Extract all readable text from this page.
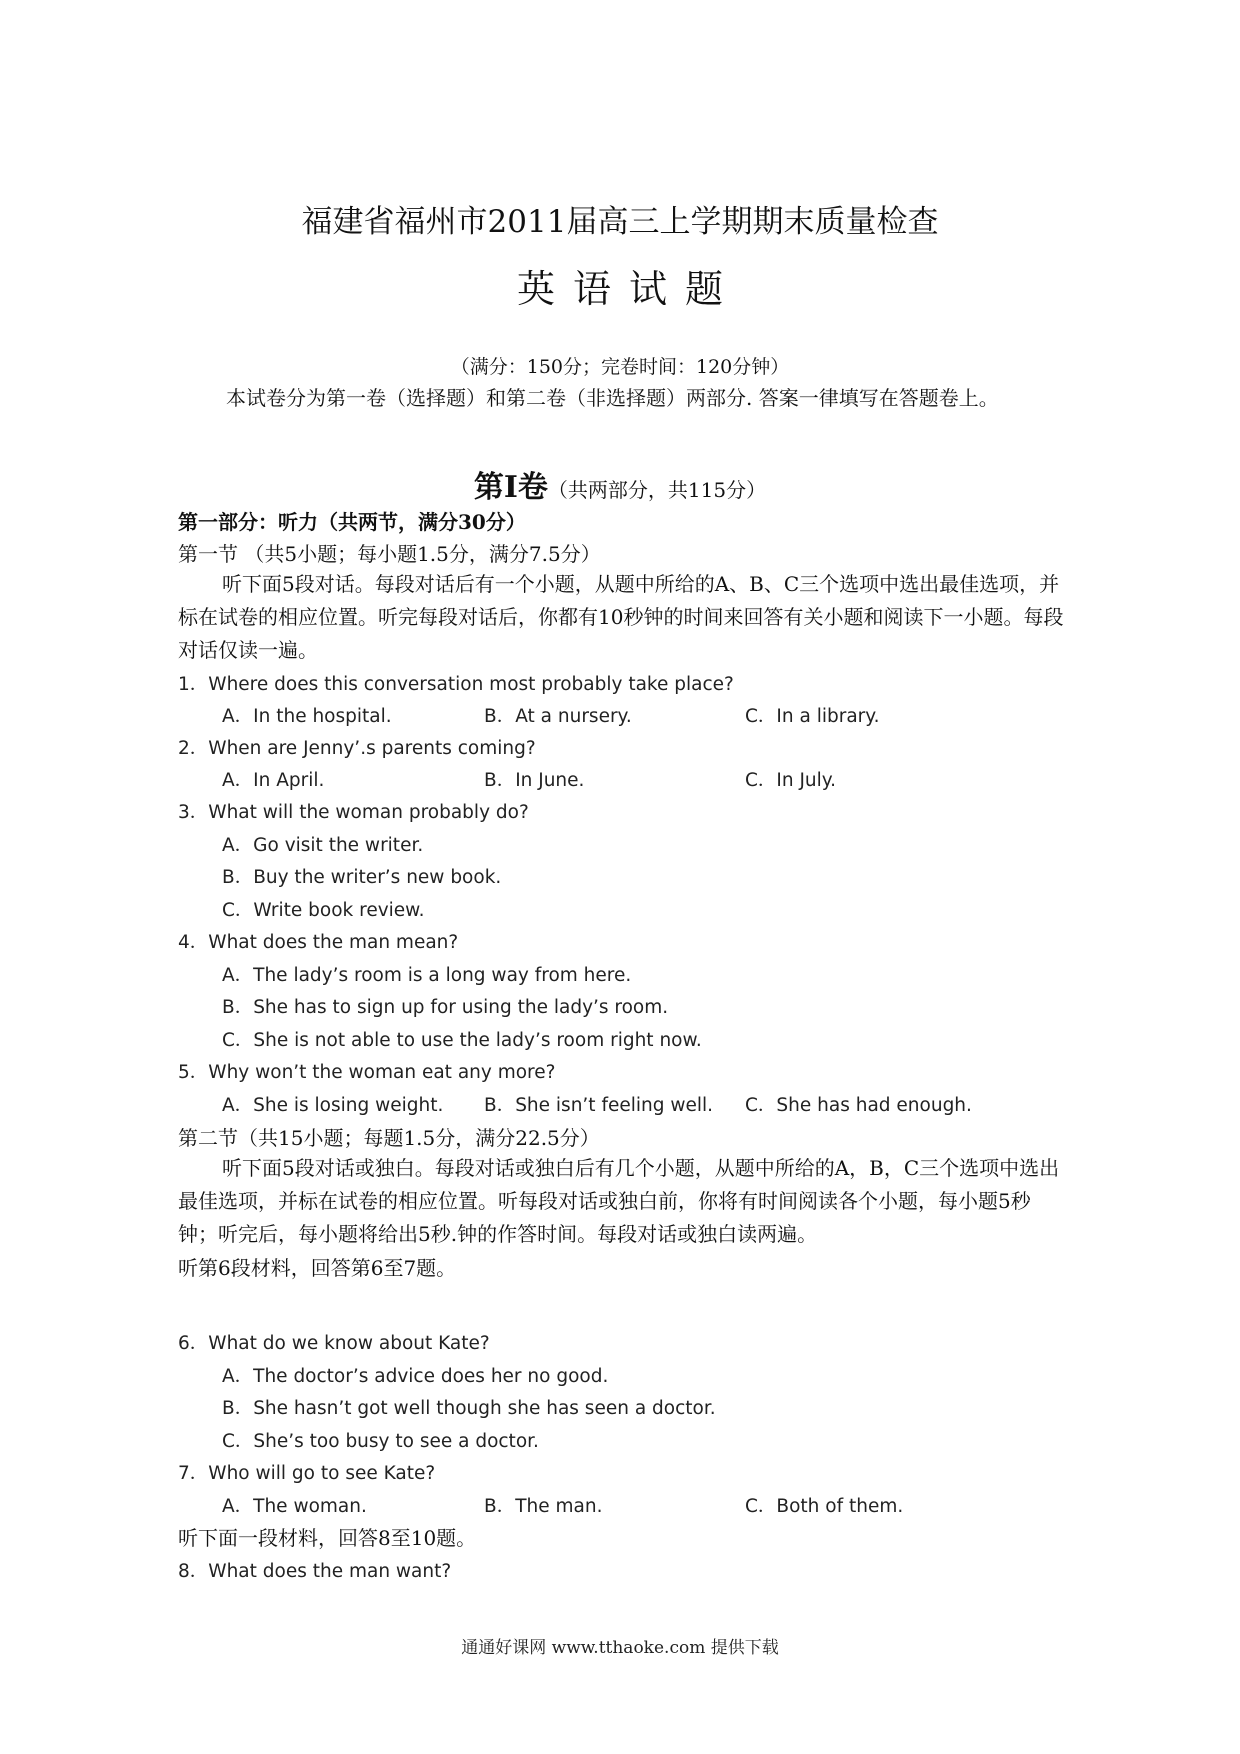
福建省福州市2011届高三上学期期末质量检查
英语试题
（满分：150分；完卷时间：120分钟）
本试卷分为第一卷（选择题）和第二卷（非选择题）两部分. 答案一律填写在答题卷上。
第Ⅰ卷（共两部分，共115分）
第一部分：听力（共两节，满分30分）
第一节 （共5小题；每小题1.5分，满分7.5分）
听下面5段对话。每段对话后有一个小题，从题中所给的A、B、C三个选项中选出最佳选项，并标在试卷的相应位置。听完每段对话后，你都有10秒钟的时间来回答有关小题和阅读下一小题。每段对话仅读一遍。
1．Where does this conversation most probably take place?
A．In the hospital.	B．At a nursery.	C．In a library.
2．When are Jenny’.s parents coming?
A．In April.	B．In June.	C．In July.
3．What will the woman probably do?
A．Go visit the writer.
B．Buy the writer’s new book.
C．Write book review.
4．What does the man mean?
A．The lady’s room is a long way from here.
B．She has to sign up for using the lady’s room.
C．She is not able to use the lady’s room right now.
5．Why won’t the woman eat any more?
A．She is losing weight. B．She isn’t feeling well. C．She has had enough.
第二节（共15小题；每题1.5分，满分22.5分）
听下面5段对话或独白。每段对话或独白后有几个小题，从题中所给的A，B，C三个选项中选出最佳选项，并标在试卷的相应位置。听每段对话或独白前，你将有时间阅读各个小题，每小题5秒钟；听完后，每小题将给出5秒.钟的作答时间。每段对话或独白读两遍。
听第6段材料，回答第6至7题。
6．What do we know about Kate?
A．The doctor’s advice does her no good.
B．She hasn’t got well though she has seen a doctor.
C．She’s too busy to see a doctor.
7．Who will go to see Kate?
A．The woman.	B．The man.	C．Both of them.
听下面一段材料，回答8至10题。
8．What does the man want?
通通好课网 www.tthaoke.com 提供下载
